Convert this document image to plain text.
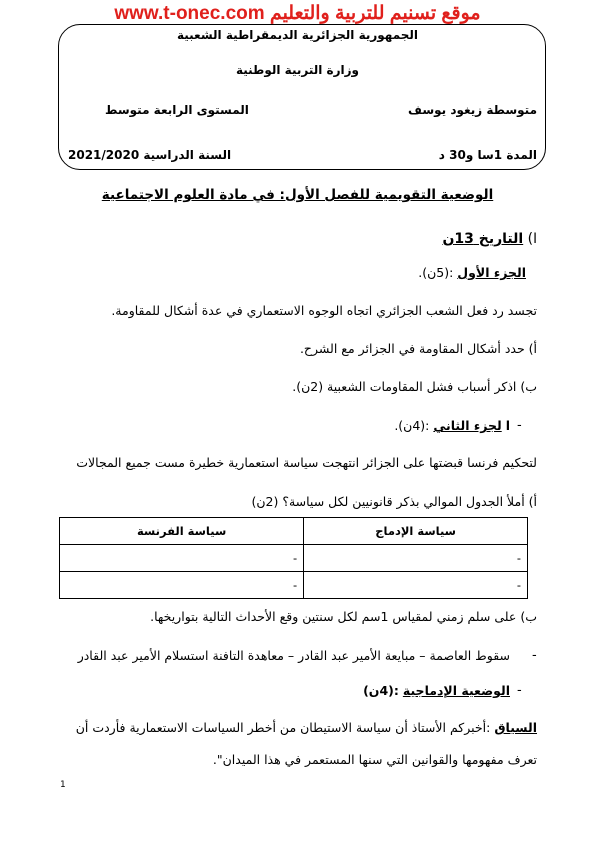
www.t-onec.com موقع تسنيم للتربية والتعليم
الجمهورية الجزائرية الديمقراطية الشعبية
وزارة التربية الوطنية
متوسطة زيغود يوسف
المستوى الرابعة متوسط
المدة 1سا و30 د
السنة الدراسية 2021/2020
الوضعية التقويمية للفصل الأول: في مادة العلوم الاجتماعية
ا) التاريخ 13ن
الجزء الأول :(5ن).
تجسد رد فعل الشعب الجزائري اتجاه الوجوه الاستعماري في عدة أشكال للمقاومة.
أ) حدد أشكال المقاومة في الجزائر مع الشرح.
ب) اذكر أسباب فشل المقاومات الشعبية (2ن).
-
ا لجزء الثاني :(4ن).
لتحكيم فرنسا قبضتها على الجزائر انتهجت سياسة استعمارية خطيرة مست جميع المجالات
أ) أملأ الجدول الموالي بذكر قانونيين لكل سياسة؟ (2ن)
سياسة الإدماج	سياسة الفرنسة
-	-
-	-
ب) على سلم زمني لمقياس 1سم لكل سنتين وقع الأحداث التالية بتواريخها.
-
سقوط العاصمة – مبايعة الأمير عبد القادر – معاهدة التافنة استسلام الأمير عبد القادر
-
الوضعية الإدماجية :(4ن)
السياق :أخبركم الأستاذ أن سياسة الاستيطان من أخطر السياسات الاستعمارية فأردت أن
تعرف مفهومها والقوانين التي سنها المستعمر في هذا الميدان".
1
